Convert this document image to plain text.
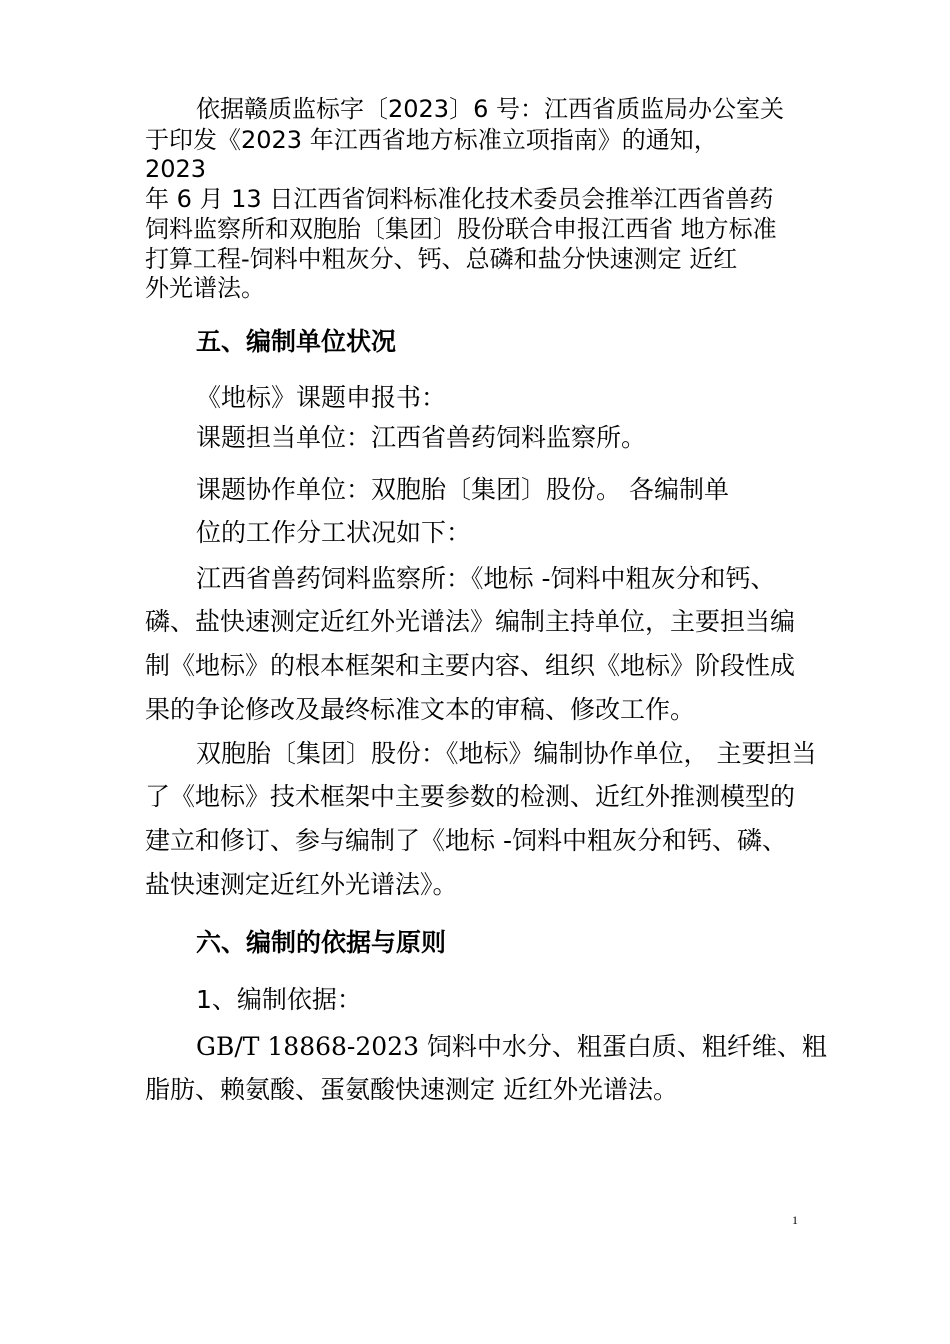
依据赣质监标字〔2023〕6 号：江西省质监局办公室关
于印发《2023 年江西省地方标准立项指南》的通知，
2023
年 6 月 13 日江西省饲料标准化技术委员会推举江西省兽药
饲料监察所和双胞胎〔集团〕股份联合申报江西省 地方标准
打算工程-饲料中粗灰分、钙、总磷和盐分快速测定 近红
外光谱法。
五、编制单位状况
《地标》课题申报书：
课题担当单位：江西省兽药饲料监察所。
课题协作单位：双胞胎〔集团〕股份。 各编制单
位的工作分工状况如下：
江西省兽药饲料监察所：《地标 -饲料中粗灰分和钙、
磷、盐快速测定近红外光谱法》编制主持单位，主要担当编
制《地标》的根本框架和主要内容、组织《地标》阶段性成
果的争论修改及最终标准文本的审稿、修改工作。
双胞胎〔集团〕股份：《地标》编制协作单位， 主要担当
了《地标》技术框架中主要参数的检测、近红外推测模型的
建立和修订、参与编制了《地标 -饲料中粗灰分和钙、磷、
盐快速测定近红外光谱法》。
六、编制的依据与原则
1、编制依据：
GB/T 18868-2023 饲料中水分、粗蛋白质、粗纤维、粗
脂肪、赖氨酸、蛋氨酸快速测定 近红外光谱法。
1
